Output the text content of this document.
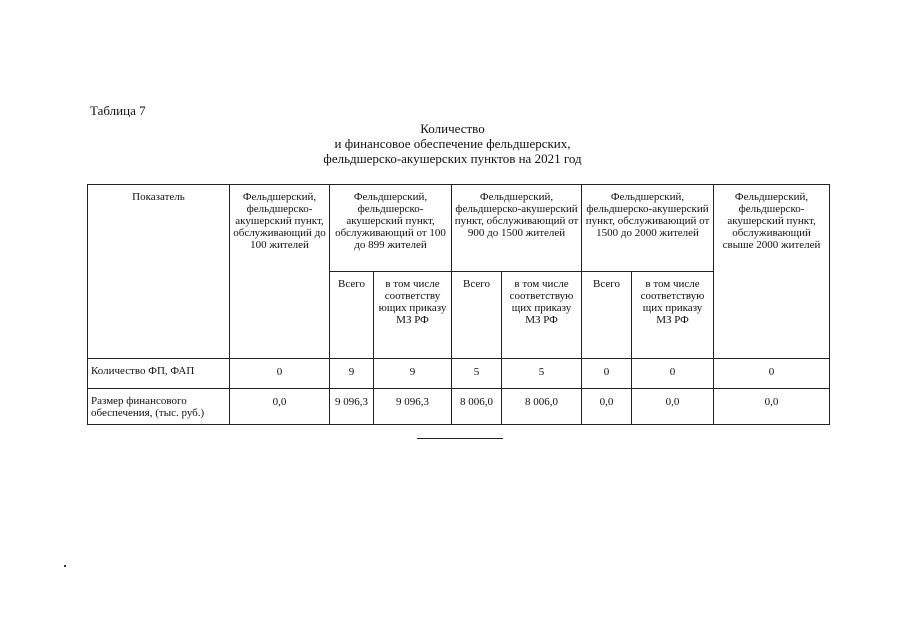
Таблица 7
Количество
и финансовое обеспечение фельдшерских,
фельдшерско-акушерских пунктов на 2021 год
Показатель	Фельдшерский, фельдшерско-акушерский пункт, обслуживающий до 100 жителей	Фельдшерский, фельдшерско-акушерский пункт, обслуживающий от 100 до 899 жителей		Фельдшерский, фельдшерско-акушерский пункт, обслуживающий от 900 до 1500 жителей		Фельдшерский, фельдшерско-акушерский пункт, обслуживающий от 1500 до 2000 жителей		Фельдшерский, фельдшерско-акушерский пункт, обслуживающий свыше 2000 жителей
		Всего	в том числе соответству ющих приказу МЗ РФ	Всего	в том числе соответствую щих приказу МЗ РФ	Всего	в том числе соответствую щих приказу МЗ РФ	
Количество ФП, ФАП	0	9	9	5	5	0	0	0
Размер финансового обеспечения, (тыс. руб.)	0,0	9 096,3	9 096,3	8 006,0	8 006,0	0,0	0,0	0,0
